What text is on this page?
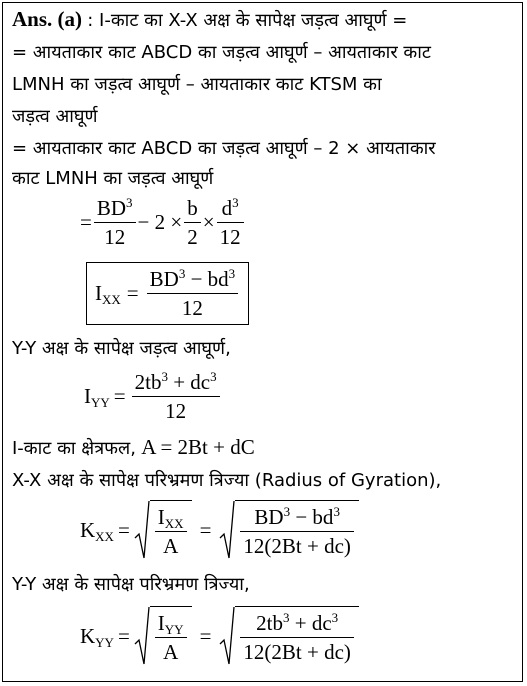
Ans. (a) : I-काट का X-X अक्ष के सापेक्ष जड़त्व आघूर्ण =
= आयताकार काट ABCD का जड़त्व आघूर्ण – आयताकार काट
LMNH का जड़त्व आघूर्ण – आयताकार काट KTSM का
जड़त्व आघूर्ण
= आयताकार काट ABCD का जड़त्व आघूर्ण – 2 × आयताकार
काट LMNH का जड़त्व आघूर्ण
= $\frac{BD^3}{12} - 2 \times \frac{b}{2} \times \frac{d^3}{12}$
$I_{XX} = \frac{BD^3 - bd^3}{12}$
Y-Y अक्ष के सापेक्ष जड़त्व आघूर्ण,
$I_{YY} = \frac{2tb^3 + dc^3}{12}$
I-काट का क्षेत्रफल, A = 2Bt + dC
X-X अक्ष के सापेक्ष परिभ्रमण त्रिज्या (Radius of Gyration),
$K_{XX} = \frac{I_{XX}}{A} = \frac{BD^3 - bd^3}{12(2Bt + dc)}$
Y-Y अक्ष के सापेक्ष परिभ्रमण त्रिज्या,
$K_{YY} = \frac{I_{YY}}{A} = \frac{2tb^3 + dc^3}{12(2Bt + dc)}$
